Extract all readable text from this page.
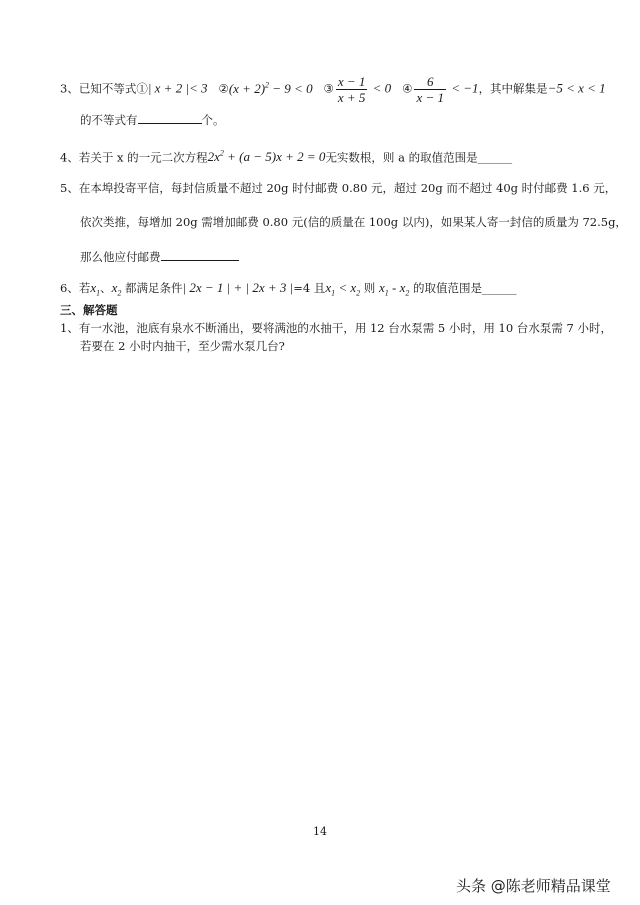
3、已知不等式①| x + 2 |< 3 ②(x + 2)$^2$ − 9 < 0 ③ $\frac{x - 1}{x + 5} < 0$ ④ $\frac{6}{x - 1} < -1$，其中解集是−5 < x < 1
的不等式有	个。
4、若关于 x 的一元二次方程$2x^2 + (a - 5)x + 2 = 0$无实数根，则 a 的取值范围是______
5、在本埠投寄平信，每封信质量不超过 20g 时付邮费 0.80 元，超过 20g 而不超过 40g 时付邮费 1.6 元，
依次类推，每增加 20g 需增加邮费 0.80 元(信的质量在 100g 以内)，如果某人寄一封信的质量为 72.5g，
那么他应付邮费
6、若$x_1$、$x_2$ 都满足条件| 2x − 1 | + | 2x + 3 |=4 且$x_1 < x_2$ 则 $x_1 - x_2$ 的取值范围是______
三、解答题
1、有一水池，池底有泉水不断涌出，要将满池的水抽干，用 12 台水泵需 5 小时，用 10 台水泵需 7 小时，
若要在 2 小时内抽干，至少需水泵几台?
14
头条 @陈老师精品课堂
